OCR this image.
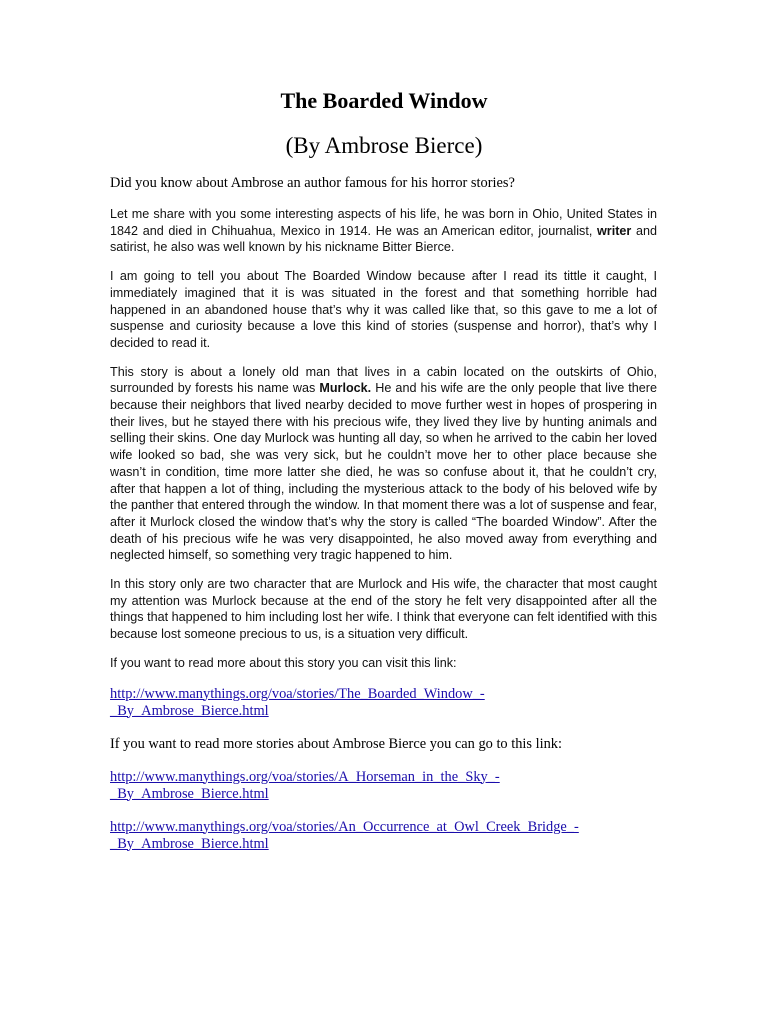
The Boarded Window
(By Ambrose Bierce)

Did you know about Ambrose an author famous for his horror stories?

Let me share with you some interesting aspects of his life, he was born in Ohio, United States in 1842 and died in Chihuahua, Mexico in 1914. He was an American editor, journalist, writer and satirist, he also was well known by his nickname Bitter Bierce.

I am going to tell you about The Boarded Window because after I read its tittle it caught, I immediately imagined that it is was situated in the forest and that something horrible had happened in an abandoned house that’s why it was called like that, so this gave to me a lot of suspense and curiosity because a love this kind of stories (suspense and horror), that’s why I decided to read it.

This story is about a lonely old man that lives in a cabin located on the outskirts of Ohio, surrounded by forests his name was Murlock. He and his wife are the only people that live there because their neighbors that lived nearby decided to move further west in hopes of prospering in their lives, but he stayed there with his precious wife, they lived they live by hunting animals and selling their skins. One day Murlock was hunting all day, so when he arrived to the cabin her loved wife looked so bad, she was very sick, but he couldn’t move her to other place because she wasn’t in condition, time more latter she died, he was so confuse about it, that he couldn’t cry, after that happen a lot of thing, including the mysterious attack to the body of his beloved wife by the panther that entered through the window. In that moment there was a lot of suspense and fear, after it Murlock closed the window that’s why the story is called “The boarded Window”. After the death of his precious wife he was very disappointed, he also moved away from everything and neglected himself, so something very tragic happened to him.

In this story only are two character that are Murlock and His wife, the character that most caught my attention was Murlock because at the end of the story he felt very disappointed after all the things that happened to him including lost her wife. I think that everyone can felt identified with this because lost someone precious to us, is a situation very difficult.

If you want to read more about this story you can visit this link:

http://www.manythings.org/voa/stories/The_Boarded_Window_-
_By_Ambrose_Bierce.html

If you want to read more stories about Ambrose Bierce you can go to this link:

http://www.manythings.org/voa/stories/A_Horseman_in_the_Sky_-
_By_Ambrose_Bierce.html
http://www.manythings.org/voa/stories/An_Occurrence_at_Owl_Creek_Bridge_-
_By_Ambrose_Bierce.html
